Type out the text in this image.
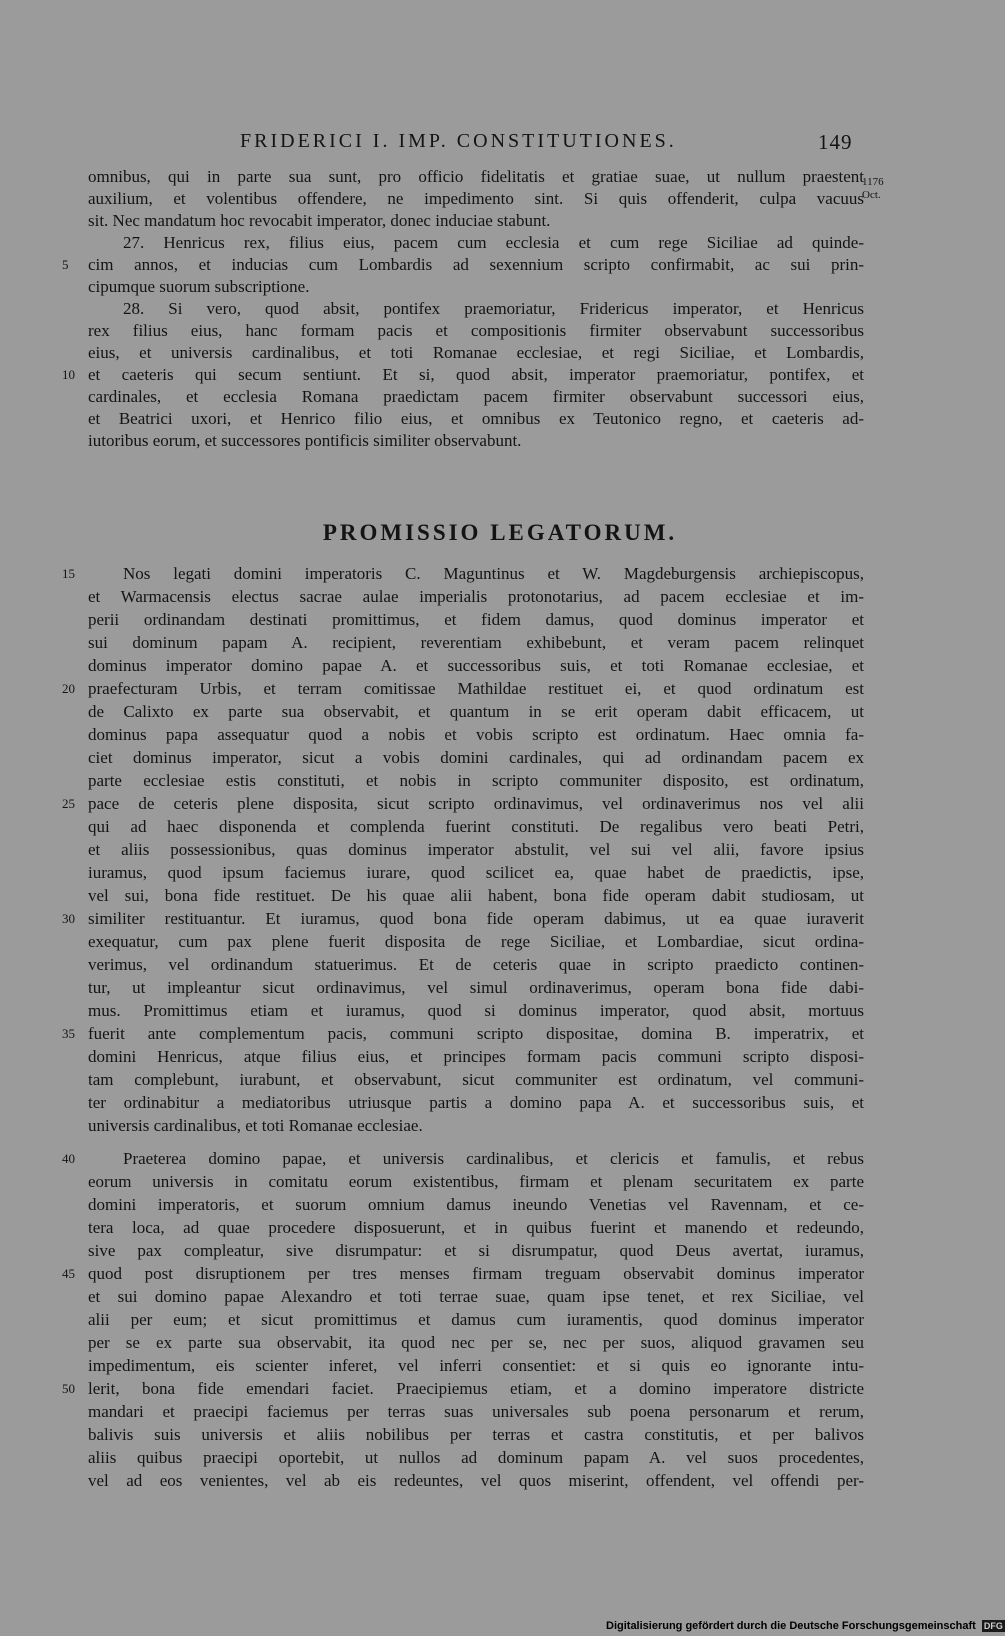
FRIDERICI I. IMP. CONSTITUTIONES.	149
1176
Oct.
omnibus, qui in parte sua sunt, pro officio fidelitatis et gratiae suae, ut nullum praestent
auxilium, et volentibus offendere, ne impedimento sint. Si quis offenderit, culpa vacuus
sit. Nec mandatum hoc revocabit imperator, donec induciae stabunt.
27. Henricus rex, filius eius, pacem cum ecclesia et cum rege Siciliae ad quinde-
cim annos, et inducias cum Lombardis ad sexennium scripto confirmabit, ac sui prin-
cipumque suorum subscriptione.
28. Si vero, quod absit, pontifex praemoriatur, Fridericus imperator, et Henricus
rex filius eius, hanc formam pacis et compositionis firmiter observabunt successoribus
eius, et universis cardinalibus, et toti Romanae ecclesiae, et regi Siciliae, et Lombardis,
et caeteris qui secum sentiunt. Et si, quod absit, imperator praemoriatur, pontifex, et
cardinales, et ecclesia Romana praedictam pacem firmiter observabunt successori eius,
et Beatrici uxori, et Henrico filio eius, et omnibus ex Teutonico regno, et caeteris ad-
iutoribus eorum, et successores pontificis similiter observabunt.
PROMISSIO LEGATORUM.
Nos legati domini imperatoris C. Maguntinus et W. Magdeburgensis archiepiscopus,
et Warmacensis electus sacrae aulae imperialis protonotarius, ad pacem ecclesiae et im-
perii ordinandam destinati promittimus, et fidem damus, quod dominus imperator et
sui dominum papam A. recipient, reverentiam exhibebunt, et veram pacem relinquet
dominus imperator domino papae A. et successoribus suis, et toti Romanae ecclesiae, et
praefecturam Urbis, et terram comitissae Mathildae restituet ei, et quod ordinatum est
de Calixto ex parte sua observabit, et quantum in se erit operam dabit efficacem, ut
dominus papa assequatur quod a nobis et vobis scripto est ordinatum. Haec omnia fa-
ciet dominus imperator, sicut a vobis domini cardinales, qui ad ordinandam pacem ex
parte ecclesiae estis constituti, et nobis in scripto communiter disposito, est ordinatum,
pace de ceteris plene disposita, sicut scripto ordinavimus, vel ordinaverimus nos vel alii
qui ad haec disponenda et complenda fuerint constituti. De regalibus vero beati Petri,
et aliis possessionibus, quas dominus imperator abstulit, vel sui vel alii, favore ipsius
iuramus, quod ipsum faciemus iurare, quod scilicet ea, quae habet de praedictis, ipse,
vel sui, bona fide restituet. De his quae alii habent, bona fide operam dabit studiosam, ut
similiter restituantur. Et iuramus, quod bona fide operam dabimus, ut ea quae iuraverit
exequatur, cum pax plene fuerit disposita de rege Siciliae, et Lombardiae, sicut ordina-
verimus, vel ordinandum statuerimus. Et de ceteris quae in scripto praedicto continen-
tur, ut impleantur sicut ordinavimus, vel simul ordinaverimus, operam bona fide dabi-
mus. Promittimus etiam et iuramus, quod si dominus imperator, quod absit, mortuus
fuerit ante complementum pacis, communi scripto dispositae, domina B. imperatrix, et
domini Henricus, atque filius eius, et principes formam pacis communi scripto disposi-
tam complebunt, iurabunt, et observabunt, sicut communiter est ordinatum, vel communi-
ter ordinabitur a mediatoribus utriusque partis a domino papa A. et successoribus suis, et
universis cardinalibus, et toti Romanae ecclesiae.
Praeterea domino papae, et universis cardinalibus, et clericis et famulis, et rebus
eorum universis in comitatu eorum existentibus, firmam et plenam securitatem ex parte
domini imperatoris, et suorum omnium damus ineundo Venetias vel Ravennam, et ce-
tera loca, ad quae procedere disposuerunt, et in quibus fuerint et manendo et redeundo,
sive pax compleatur, sive disrumpatur: et si disrumpatur, quod Deus avertat, iuramus,
quod post disruptionem per tres menses firmam treguam observabit dominus imperator
et sui domino papae Alexandro et toti terrae suae, quam ipse tenet, et rex Siciliae, vel
alii per eum; et sicut promittimus et damus cum iuramentis, quod dominus imperator
per se ex parte sua observabit, ita quod nec per se, nec per suos, aliquod gravamen seu
impedimentum, eis scienter inferet, vel inferri consentiet: et si quis eo ignorante intu-
lerit, bona fide emendari faciet. Praecipiemus etiam, et a domino imperatore districte
mandari et praecipi faciemus per terras suas universales sub poena personarum et rerum,
balivis suis universis et aliis nobilibus per terras et castra constitutis, et per balivos
aliis quibus praecipi oportebit, ut nullos ad dominum papam A. vel suos procedentes,
vel ad eos venientes, vel ab eis redeuntes, vel quos miserint, offendent, vel offendi per-
5
10
15
20
25
30
35
40
45
50
Digitalisierung gefördert durch die Deutsche Forschungsgemeinschaft DFG
